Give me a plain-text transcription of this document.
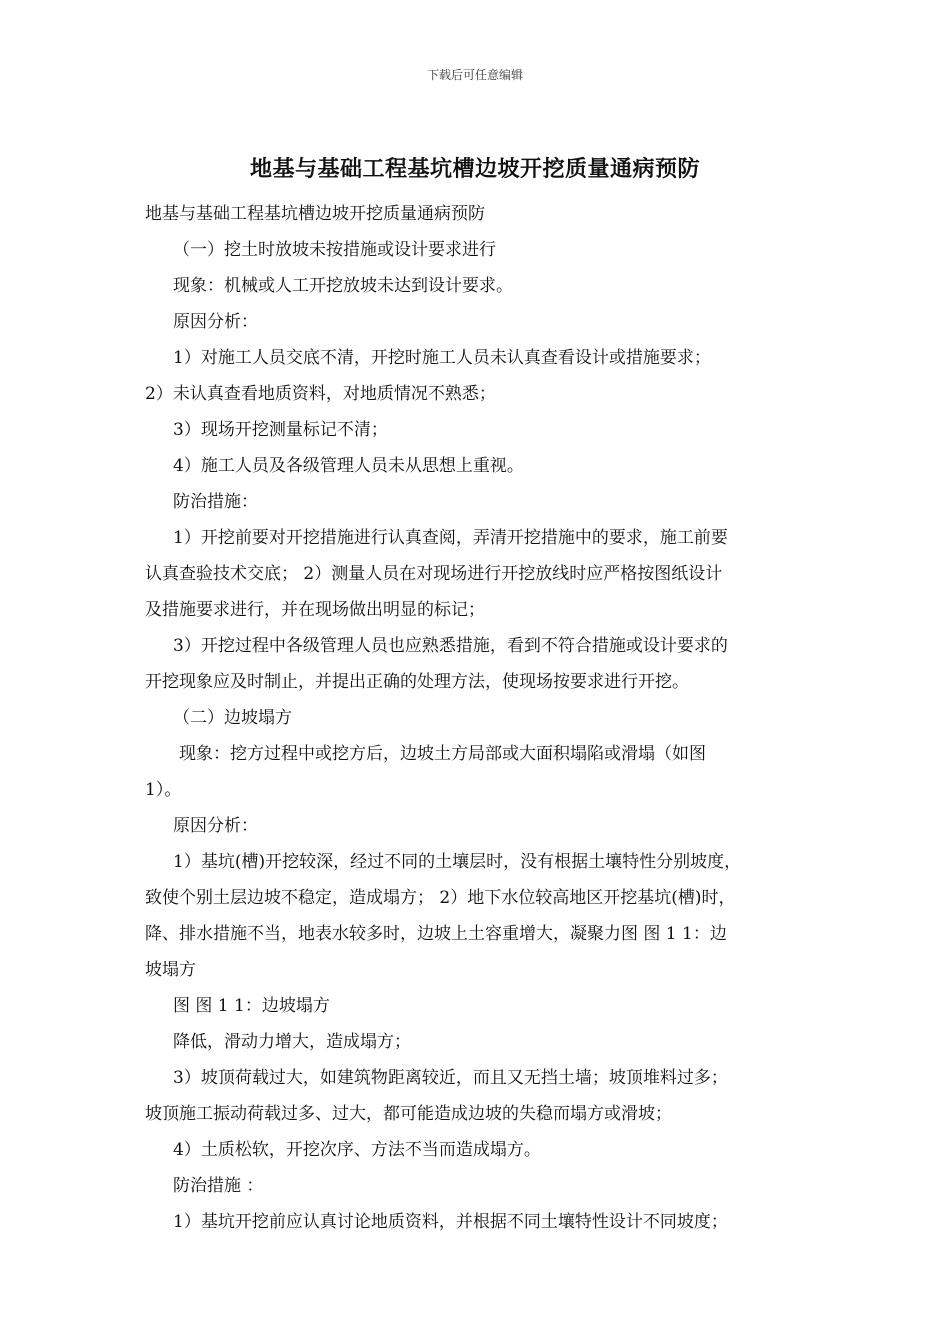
下载后可任意编辑
地基与基础工程基坑槽边坡开挖质量通病预防
地基与基础工程基坑槽边坡开挖质量通病预防
（一）挖土时放坡未按措施或设计要求进行
现象：机械或人工开挖放坡未达到设计要求。
原因分析：
1）对施工人员交底不清，开挖时施工人员未认真查看设计或措施要求；
2）未认真查看地质资料，对地质情况不熟悉；
3）现场开挖测量标记不清；
4）施工人员及各级管理人员未从思想上重视。
防治措施：
1）开挖前要对开挖措施进行认真查阅，弄清开挖措施中的要求，施工前要
认真查验技术交底； 2）测量人员在对现场进行开挖放线时应严格按图纸设计
及措施要求进行，并在现场做出明显的标记；
3）开挖过程中各级管理人员也应熟悉措施，看到不符合措施或设计要求的
开挖现象应及时制止，并提出正确的处理方法，使现场按要求进行开挖。
（二）边坡塌方
现象：挖方过程中或挖方后，边坡土方局部或大面积塌陷或滑塌（如图
1）。
原因分析：
1）基坑(槽)开挖较深，经过不同的土壤层时，没有根据土壤特性分别坡度，
致使个别土层边坡不稳定，造成塌方； 2）地下水位较高地区开挖基坑(槽)时，
降、排水措施不当，地表水较多时，边坡上土容重增大，凝聚力图 图 1 1：边
坡塌方
图 图 1 1：边坡塌方
降低，滑动力增大，造成塌方；
3）坡顶荷载过大，如建筑物距离较近，而且又无挡土墙；坡顶堆料过多；
坡顶施工振动荷载过多、过大，都可能造成边坡的失稳而塌方或滑坡；
4）土质松软，开挖次序、方法不当而造成塌方。
防治措施 ：
1）基坑开挖前应认真讨论地质资料，并根据不同土壤特性设计不同坡度；
